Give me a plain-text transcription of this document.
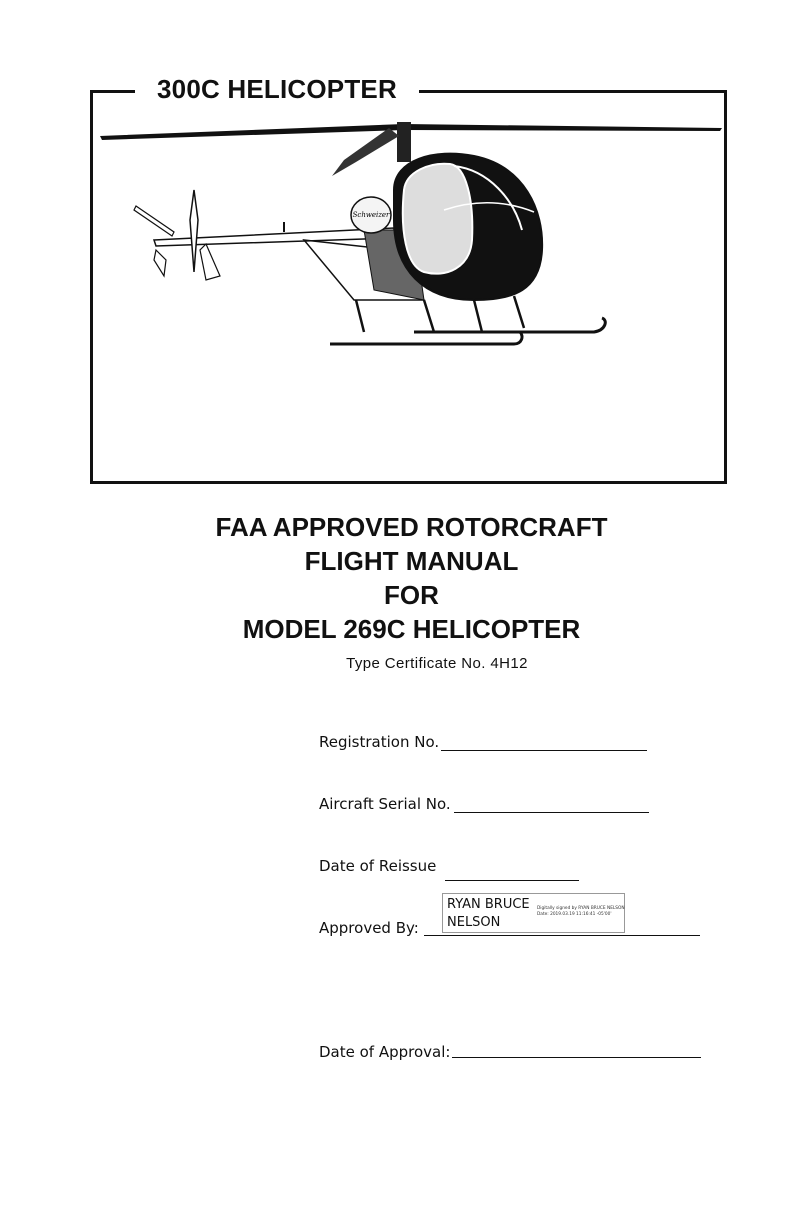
300C HELICOPTER
Schweizer
FAA APPROVED ROTORCRAFT
FLIGHT MANUAL
FOR
MODEL 269C HELICOPTER
Type Certificate No. 4H12
Registration No.
Aircraft Serial No.
Date of Reissue
RYAN BRUCE
NELSON
Digitally signed by RYAN BRUCE NELSON
Date: 2019.03.19 11:16:41 -05'00'
Approved By:
Date of Approval:
